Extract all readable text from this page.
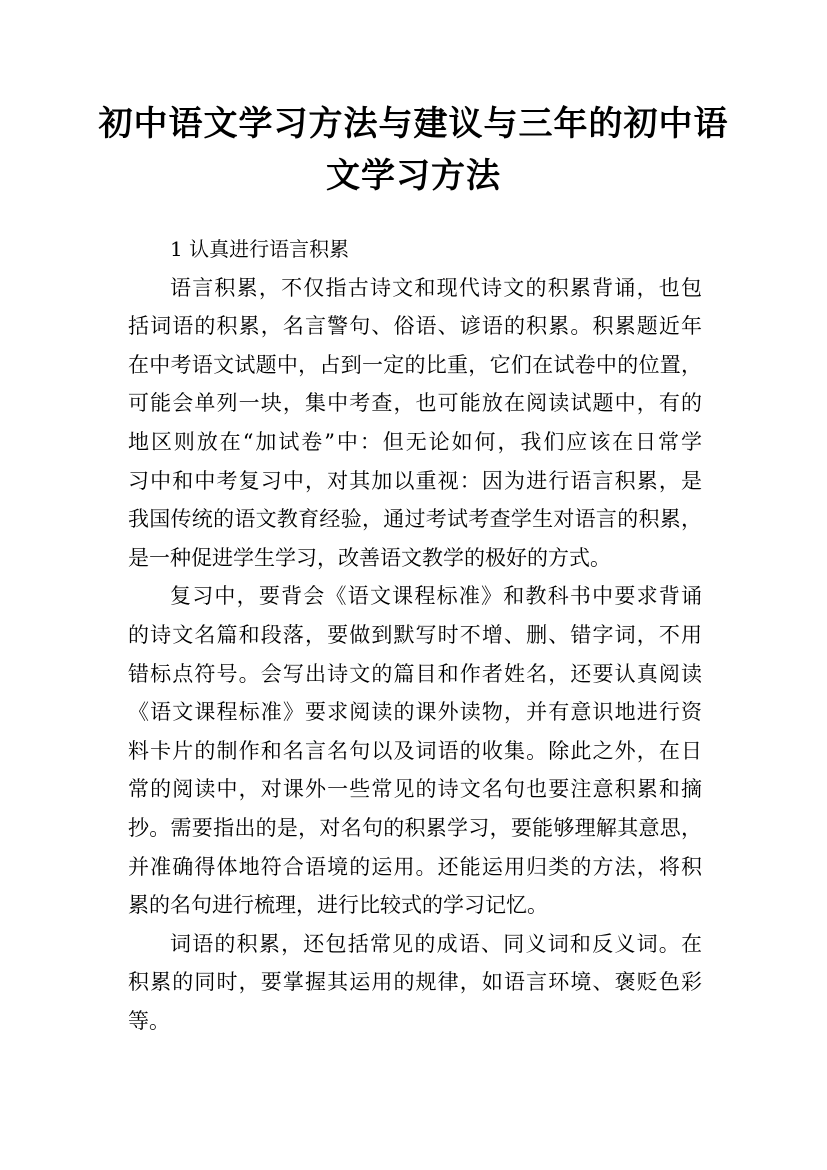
初中语文学习方法与建议与三年的初中语
文学习方法
1 认真进行语言积累
语言积累，不仅指古诗文和现代诗文的积累背诵，也包
括词语的积累，名言警句、俗语、谚语的积累。积累题近年
在中考语文试题中，占到一定的比重，它们在试卷中的位置，
可能会单列一块，集中考查，也可能放在阅读试题中，有的
地区则放在“加试卷”中：但无论如何，我们应该在日常学
习中和中考复习中，对其加以重视：因为进行语言积累，是
我国传统的语文教育经验，通过考试考查学生对语言的积累，
是一种促进学生学习，改善语文教学的极好的方式。
复习中，要背会《语文课程标准》和教科书中要求背诵
的诗文名篇和段落，要做到默写时不增、删、错字词，不用
错标点符号。会写出诗文的篇目和作者姓名，还要认真阅读
《语文课程标准》要求阅读的课外读物，并有意识地进行资
料卡片的制作和名言名句以及词语的收集。除此之外，在日
常的阅读中，对课外一些常见的诗文名句也要注意积累和摘
抄。需要指出的是，对名句的积累学习，要能够理解其意思，
并准确得体地符合语境的运用。还能运用归类的方法，将积
累的名句进行梳理，进行比较式的学习记忆。
词语的积累，还包括常见的成语、同义词和反义词。在
积累的同时，要掌握其运用的规律，如语言环境、褒贬色彩
等。
